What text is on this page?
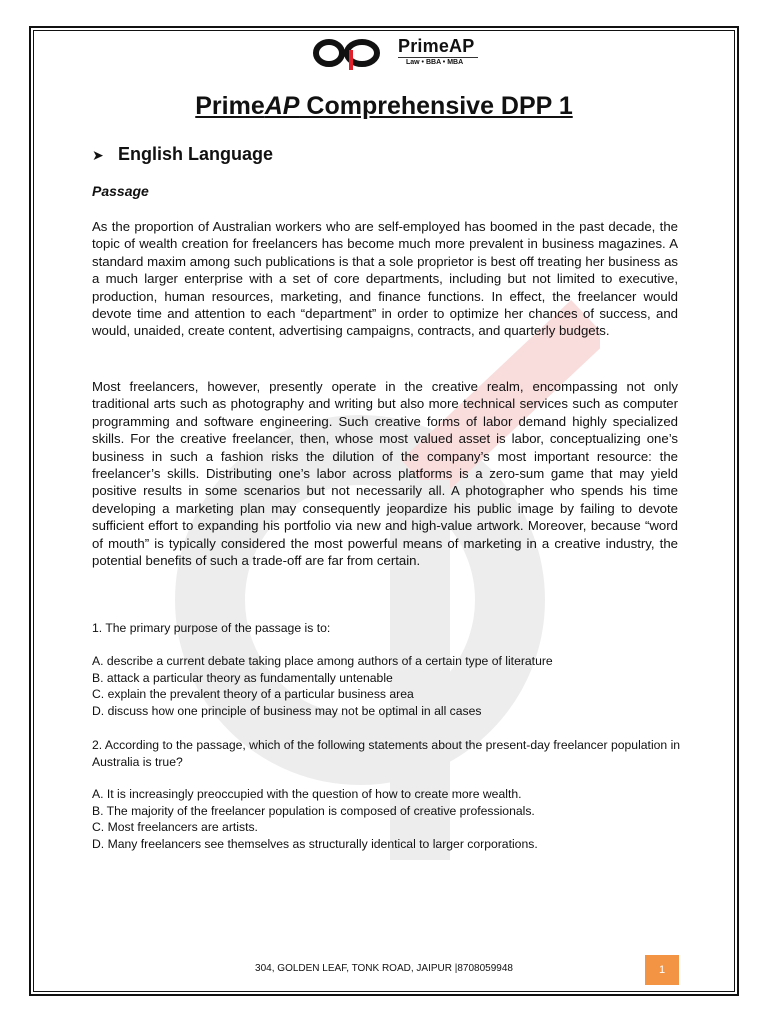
PrimeAP
Law • BBA • MBA
PrimeAP Comprehensive DPP 1
➤ English Language
Passage

As the proportion of Australian workers who are self-employed has boomed in the past decade, the topic of wealth creation for freelancers has become much more prevalent in business magazines. A standard maxim among such publications is that a sole proprietor is best off treating her business as a much larger enterprise with a set of core departments, including but not limited to executive, production, human resources, marketing, and finance functions. In effect, the freelancer would devote time and attention to each “department” in order to optimize her chances of success, and would, unaided, create content, advertising campaigns, contracts, and quarterly budgets.

Most freelancers, however, presently operate in the creative realm, encompassing not only traditional arts such as photography and writing but also more technical services such as computer programming and software engineering. Such creative forms of labor demand highly specialized skills. For the creative freelancer, then, whose most valued asset is labor, conceptualizing one’s business in such a fashion risks the dilution of the company’s most important resource: the freelancer’s skills. Distributing one’s labor across platforms is a zero-sum game that may yield positive results in some scenarios but not necessarily all. A photographer who spends his time developing a marketing plan may consequently jeopardize his public image by failing to devote sufficient effort to expanding his portfolio via new and high-value artwork. Moreover, because “word of mouth” is typically considered the most powerful means of marketing in a creative industry, the potential benefits of such a trade-off are far from certain.

1. The primary purpose of the passage is to:

A. describe a current debate taking place among authors of a certain type of literature
B. attack a particular theory as fundamentally untenable
C. explain the prevalent theory of a particular business area
D. discuss how one principle of business may not be optimal in all cases

2. According to the passage, which of the following statements about the present-day freelancer population in Australia is true?

A. It is increasingly preoccupied with the question of how to create more wealth.
B. The majority of the freelancer population is composed of creative professionals.
C. Most freelancers are artists.
D. Many freelancers see themselves as structurally identical to larger corporations.
304, GOLDEN LEAF, TONK ROAD, JAIPUR |8708059948	1
